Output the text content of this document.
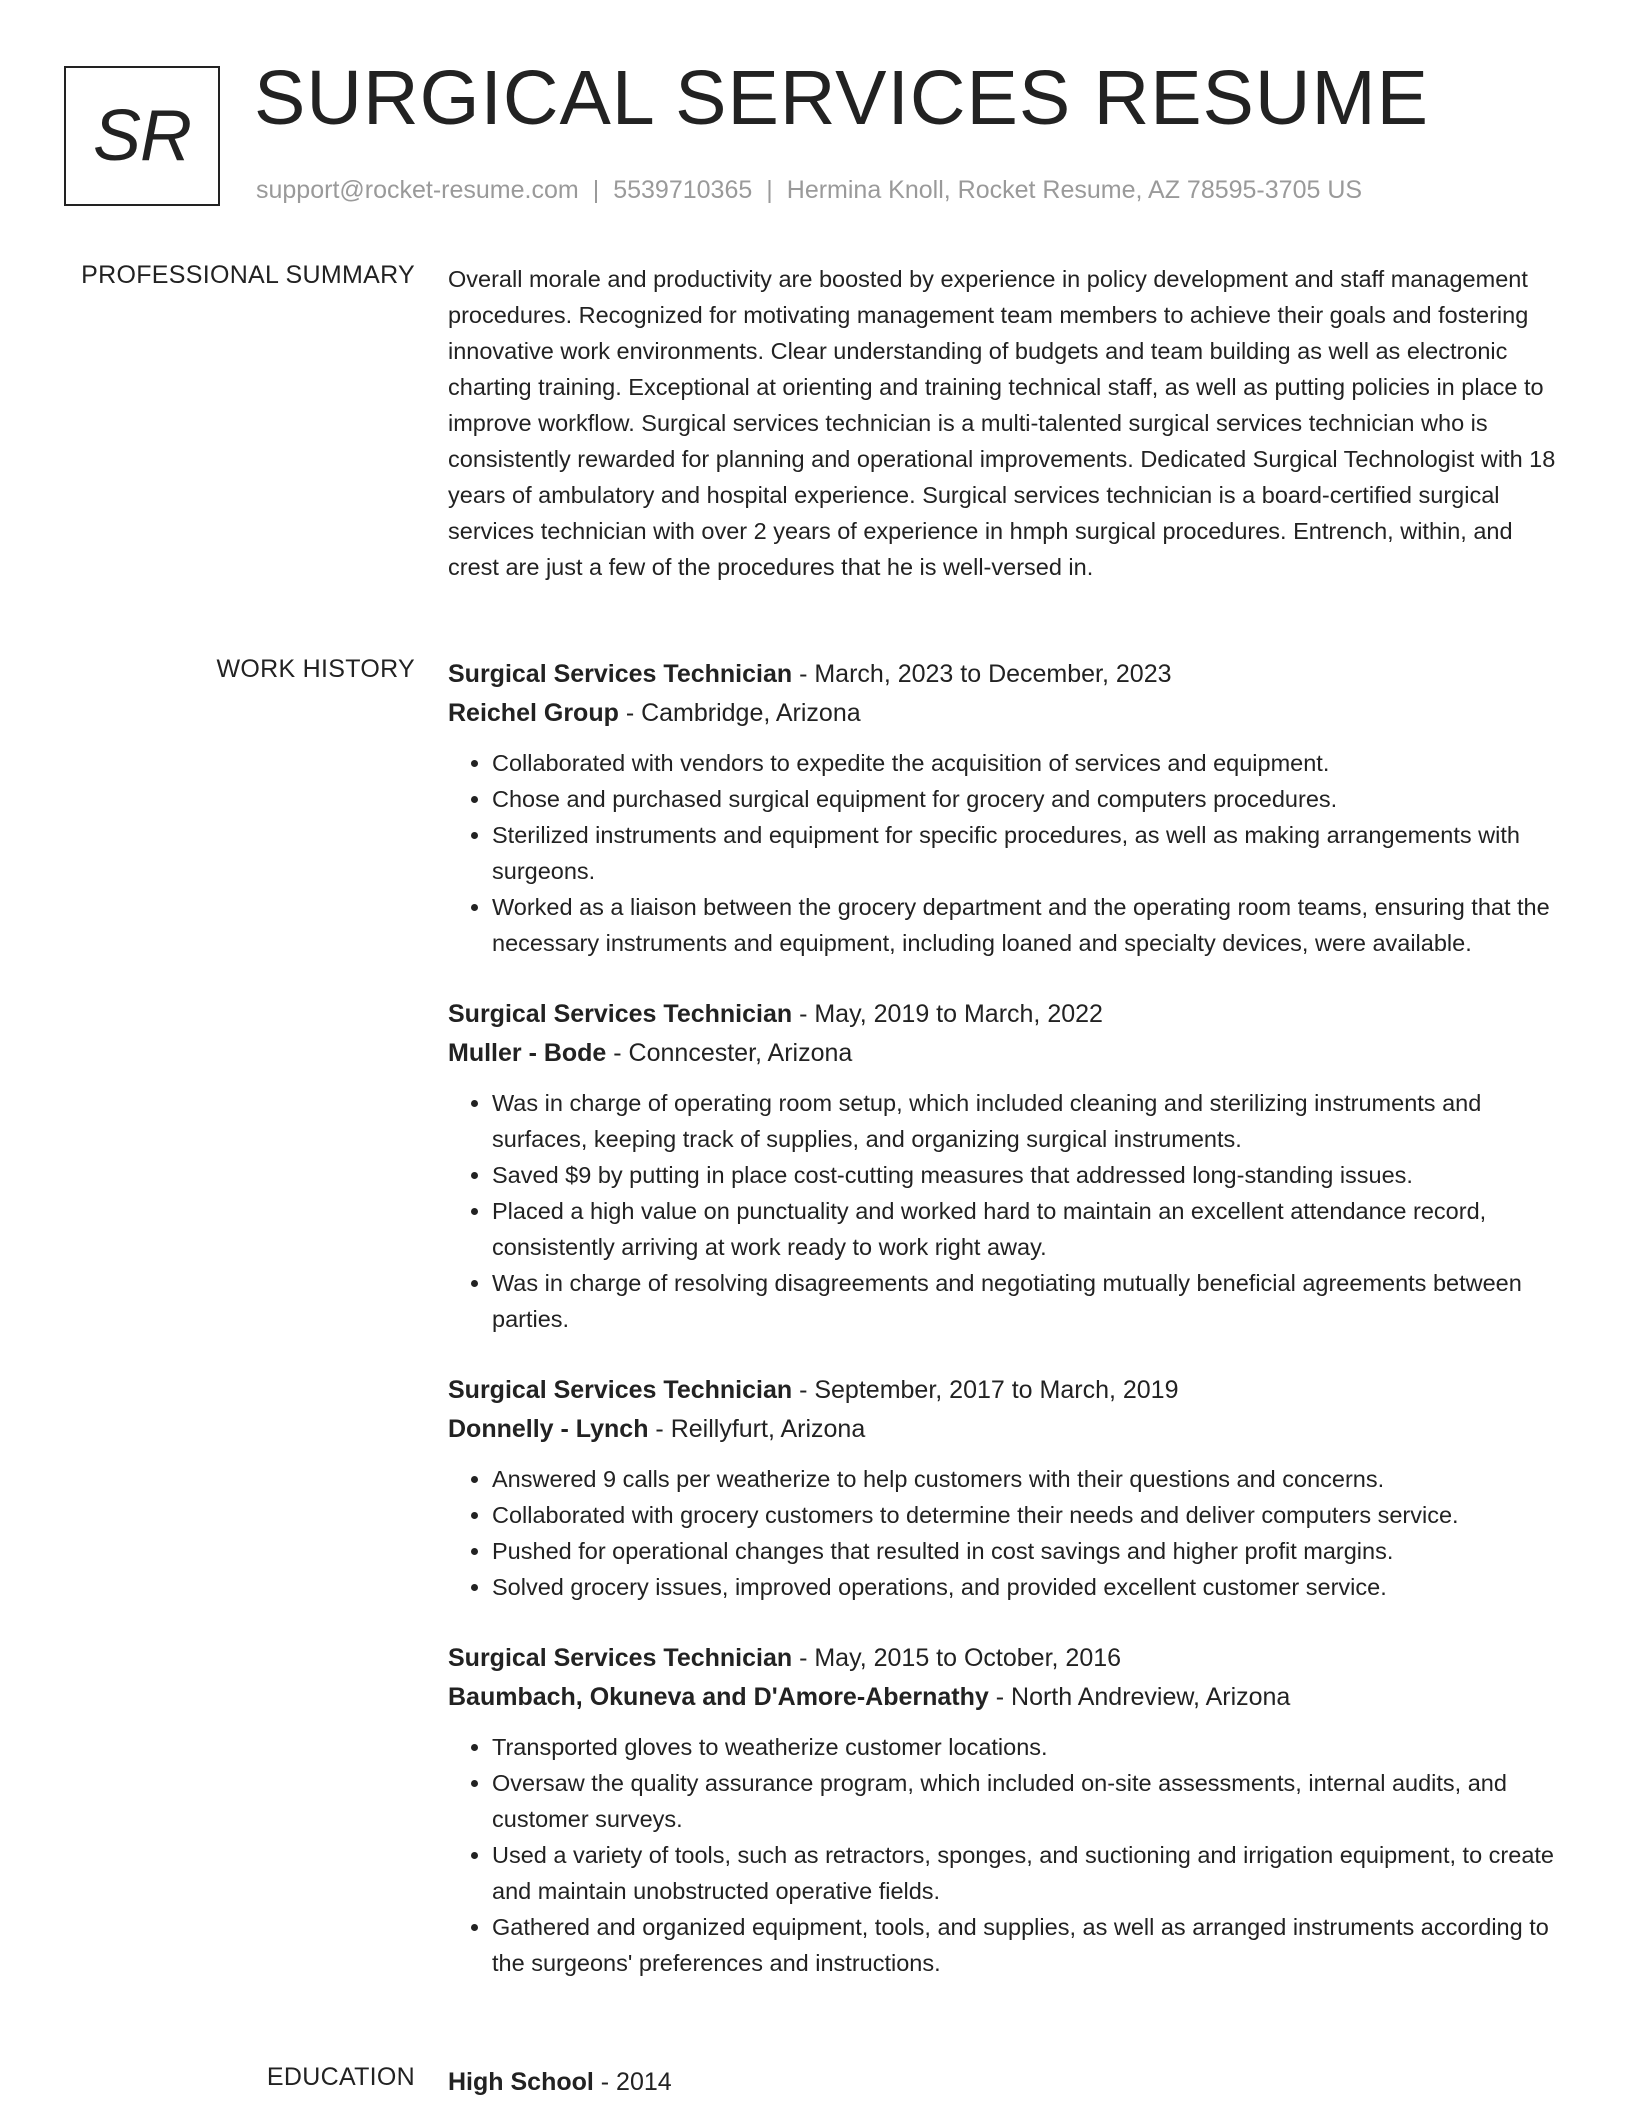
SR SURGICAL SERVICES RESUME
support@rocket-resume.com | 5539710365 | Hermina Knoll, Rocket Resume, AZ 78595-3705 US
PROFESSIONAL SUMMARY Overall morale and productivity are boosted by experience in policy development and staff management procedures. Recognized for motivating management team members to achieve their goals and fostering innovative work environments. Clear understanding of budgets and team building as well as electronic charting training. Exceptional at orienting and training technical staff, as well as putting policies in place to improve workflow. Surgical services technician is a multi-talented surgical services technician who is consistently rewarded for planning and operational improvements. Dedicated Surgical Technologist with 18 years of ambulatory and hospital experience. Surgical services technician is a board-certified surgical services technician with over 2 years of experience in hmph surgical procedures. Entrench, within, and crest are just a few of the procedures that he is well-versed in.

WORK HISTORY Surgical Services Technician - March, 2023 to December, 2023
Reichel Group - Cambridge, Arizona
• Collaborated with vendors to expedite the acquisition of services and equipment.
• Chose and purchased surgical equipment for grocery and computers procedures.
• Sterilized instruments and equipment for specific procedures, as well as making arrangements with surgeons.
• Worked as a liaison between the grocery department and the operating room teams, ensuring that the necessary instruments and equipment, including loaned and specialty devices, were available.
Surgical Services Technician - May, 2019 to March, 2022
Muller - Bode - Conncester, Arizona
• Was in charge of operating room setup, which included cleaning and sterilizing instruments and surfaces, keeping track of supplies, and organizing surgical instruments.
• Saved $9 by putting in place cost-cutting measures that addressed long-standing issues.
• Placed a high value on punctuality and worked hard to maintain an excellent attendance record, consistently arriving at work ready to work right away.
• Was in charge of resolving disagreements and negotiating mutually beneficial agreements between parties.
Surgical Services Technician - September, 2017 to March, 2019
Donnelly - Lynch - Reillyfurt, Arizona
• Answered 9 calls per weatherize to help customers with their questions and concerns.
• Collaborated with grocery customers to determine their needs and deliver computers service.
• Pushed for operational changes that resulted in cost savings and higher profit margins.
• Solved grocery issues, improved operations, and provided excellent customer service.
Surgical Services Technician - May, 2015 to October, 2016
Baumbach, Okuneva and D'Amore-Abernathy - North Andreview, Arizona
• Transported gloves to weatherize customer locations.
• Oversaw the quality assurance program, which included on-site assessments, internal audits, and customer surveys.
• Used a variety of tools, such as retractors, sponges, and suctioning and irrigation equipment, to create and maintain unobstructed operative fields.
• Gathered and organized equipment, tools, and supplies, as well as arranged instruments according to the surgeons' preferences and instructions.
EDUCATION High School - 2014
